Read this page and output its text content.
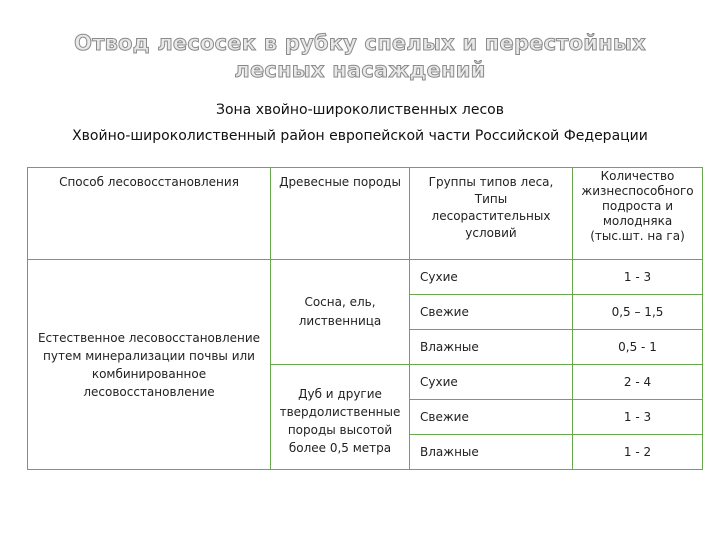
Отвод лесосек в рубку спелых и перестойных лесных насаждений
Зона хвойно-широколиственных лесов
Хвойно-широколиственный район европейской части Российской Федерации
Способ лесовосстановления	Древесные породы	Группы типов леса, Типы лесорастительных условий	Количество жизнеспособного подроста и молодняка (тыс.шт. на га)
Естественное лесовосстановление путем минерализации почвы или комбинированное лесовосстановление	Сосна, ель, лиственница	Сухие	1 - 3
		Свежие	0,5 – 1,5
		Влажные	0,5 - 1
	Дуб и другие твердолиственные породы высотой более 0,5 метра	Сухие	2 - 4
		Свежие	1 - 3
		Влажные	1 - 2
